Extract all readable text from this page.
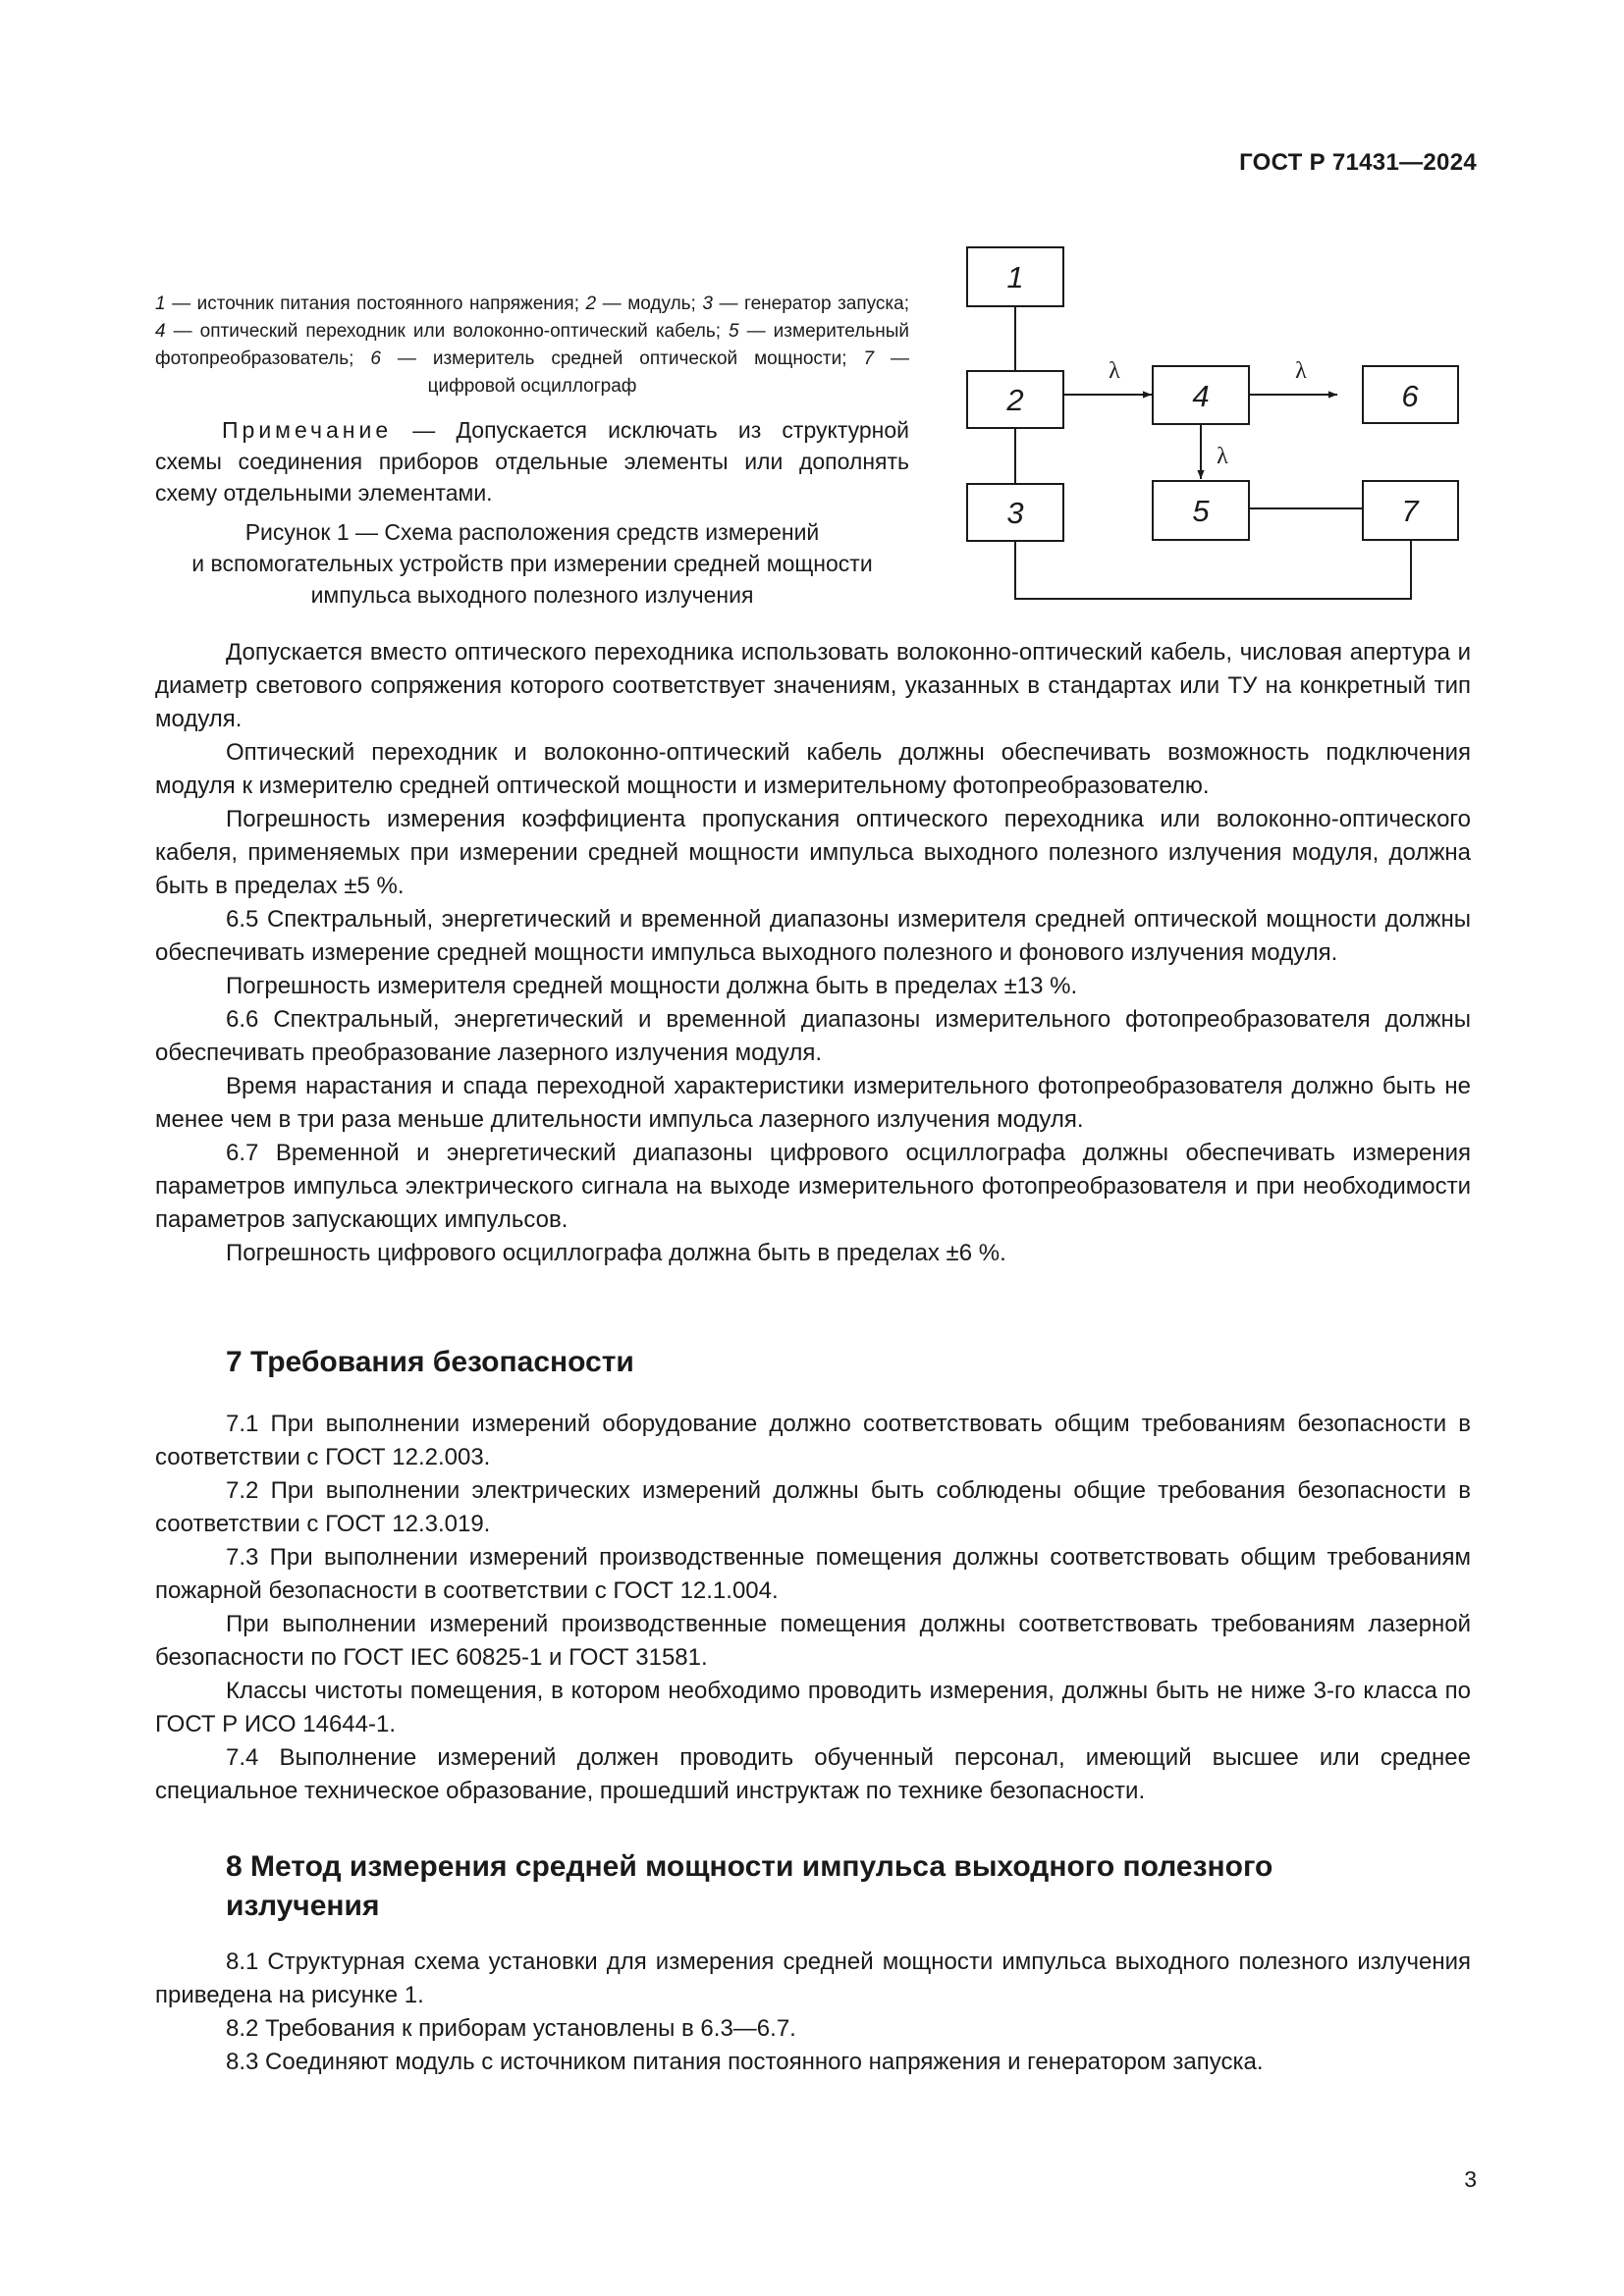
ГОСТ Р 71431—2024
1 — источник питания постоянного напряжения; 2 — модуль; 3 — генератор запуска; 4 — оптический переходник или волоконно-оптический кабель; 5 — измерительный фотопреобразователь; 6 — измеритель средней оптической мощности; 7 — цифровой осциллограф
Примечание — Допускается исключать из структурной схемы соединения приборов отдельные элементы или дополнять схему отдельными элементами.
Рисунок 1 — Схема расположения средств измерений
и вспомогательных устройств при измерении средней мощности
импульса выходного полезного излучения
1
2
3
4
5
6
7
λ	λ
λ

Допускается вместо оптического переходника использовать волоконно-оптический кабель, числовая апертура и диаметр светового сопряжения которого соответствует значениям, указанных в стандартах или ТУ на конкретный тип модуля.

Оптический переходник и волоконно-оптический кабель должны обеспечивать возможность подключения модуля к измерителю средней оптической мощности и измерительному фотопреобразователю.

Погрешность измерения коэффициента пропускания оптического переходника или волоконно-оптического кабеля, применяемых при измерении средней мощности импульса выходного полезного излучения модуля, должна быть в пределах ±5 %.

6.5 Спектральный, энергетический и временной диапазоны измерителя средней оптической мощности должны обеспечивать измерение средней мощности импульса выходного полезного и фонового излучения модуля.

Погрешность измерителя средней мощности должна быть в пределах ±13 %.

6.6 Спектральный, энергетический и временной диапазоны измерительного фотопреобразователя должны обеспечивать преобразование лазерного излучения модуля.

Время нарастания и спада переходной характеристики измерительного фотопреобразователя должно быть не менее чем в три раза меньше длительности импульса лазерного излучения модуля.

6.7 Временной и энергетический диапазоны цифрового осциллографа должны обеспечивать измерения параметров импульса электрического сигнала на выходе измерительного фотопреобразователя и при необходимости параметров запускающих импульсов.

Погрешность цифрового осциллографа должна быть в пределах ±6 %.

7 Требования безопасности

7.1 При выполнении измерений оборудование должно соответствовать общим требованиям безопасности в соответствии с ГОСТ 12.2.003.

7.2 При выполнении электрических измерений должны быть соблюдены общие требования безопасности в соответствии с ГОСТ 12.3.019.

7.3 При выполнении измерений производственные помещения должны соответствовать общим требованиям пожарной безопасности в соответствии с ГОСТ 12.1.004.

При выполнении измерений производственные помещения должны соответствовать требованиям лазерной безопасности по ГОСТ IEC 60825-1 и ГОСТ 31581.

Классы чистоты помещения, в котором необходимо проводить измерения, должны быть не ниже 3-го класса по ГОСТ Р ИСО 14644-1.

7.4 Выполнение измерений должен проводить обученный персонал, имеющий высшее или среднее специальное техническое образование, прошедший инструктаж по технике безопасности.

8 Метод измерения средней мощности импульса выходного полезного
излучения

8.1 Структурная схема установки для измерения средней мощности импульса выходного полезного излучения приведена на рисунке 1.

8.2 Требования к приборам установлены в 6.3—6.7.

8.3 Соединяют модуль с источником питания постоянного напряжения и генератором запуска.

3
